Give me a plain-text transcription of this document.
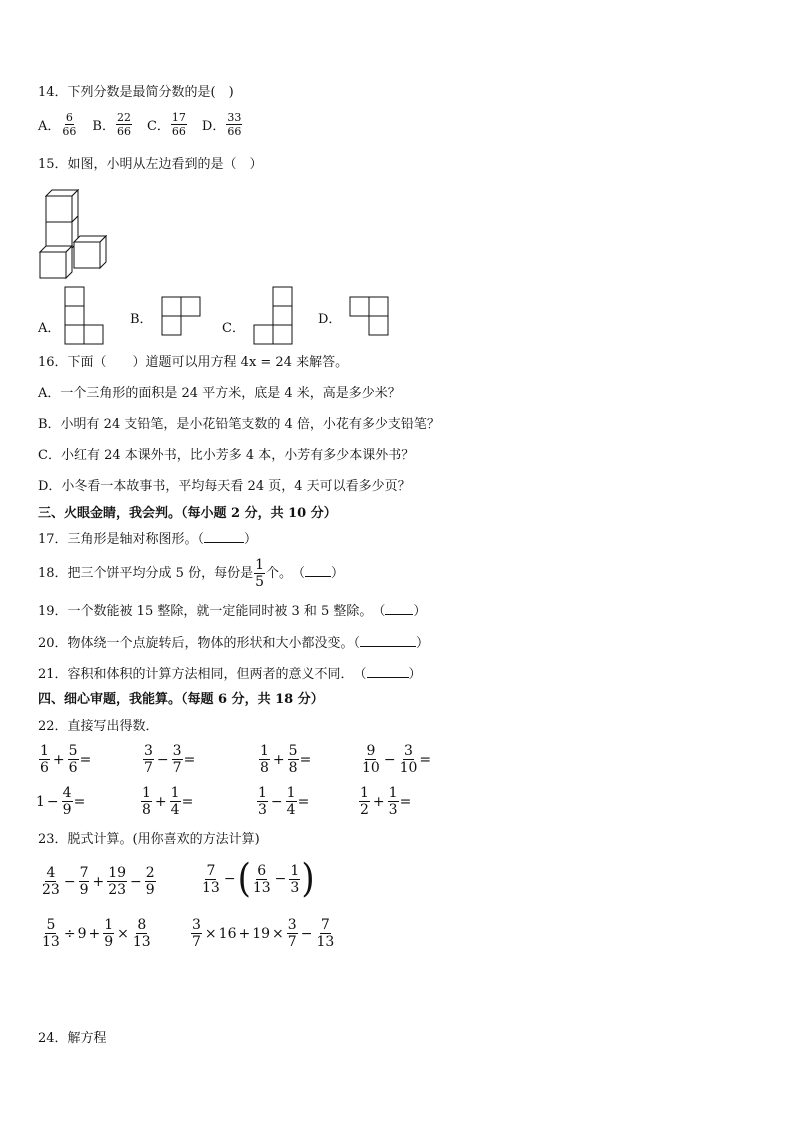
14．下列分数是最简分数的是(　)
A． $\frac{6}{66}$ B． $\frac{22}{66}$ C． $\frac{17}{66}$ D． $\frac{33}{66}$
15．如图，小明从左边看到的是（　）
A．
B．
C．
D．
16．下面（　　）道题可以用方程 4x = 24 来解答。
A．一个三角形的面积是 24 平方米，底是 4 米，高是多少米？
B．小明有 24 支铅笔，是小花铅笔支数的 4 倍，小花有多少支铅笔？
C．小红有 24 本课外书，比小芳多 4 本，小芳有多少本课外书？
D．小冬看一本故事书，平均每天看 24 页，4 天可以看多少页？
三、火眼金睛，我会判。（每小题 2 分，共 10 分）
17．三角形是轴对称图形。（	）
18．把三个饼平均分成 5 份，每份是 $\frac{1}{5}$ 个。　（ ）
19．一个数能被 15 整除，就一定能同时被 3 和 5 整除。　（ ）
20．物体绕一个点旋转后，物体的形状和大小都没变。（	）
21．容积和体积的计算方法相同，但两者的意义不同．　（	）
四、细心审题，我能算。（每题 6 分，共 18 分）
22．直接写出得数．
$\frac{1}{6} + \frac{5}{6}$ =	$\frac{3}{7} - \frac{3}{7}$ =	$\frac{1}{8} + \frac{5}{8}$ =	$\frac{9}{10} - \frac{3}{10}$ =
$1 - \frac{4}{9}$ =	$\frac{1}{8} + \frac{1}{4}$ =	$\frac{1}{3} - \frac{1}{4}$ =	$\frac{1}{2} + \frac{1}{3}$ =
23．脱式计算。(用你喜欢的方法计算)
$\frac{4}{23} - \frac{7}{9} + \frac{19}{23} - \frac{2}{9}$	$\frac{7}{13}$ − ( $\frac{6}{13} - \frac{1}{3}$ )
$\frac{5}{13} \div 9 + \frac{1}{9} \times \frac{8}{13}$	$\frac{3}{7} \times 16 + 19 \times \frac{3}{7} - \frac{7}{13}$
24．解方程
